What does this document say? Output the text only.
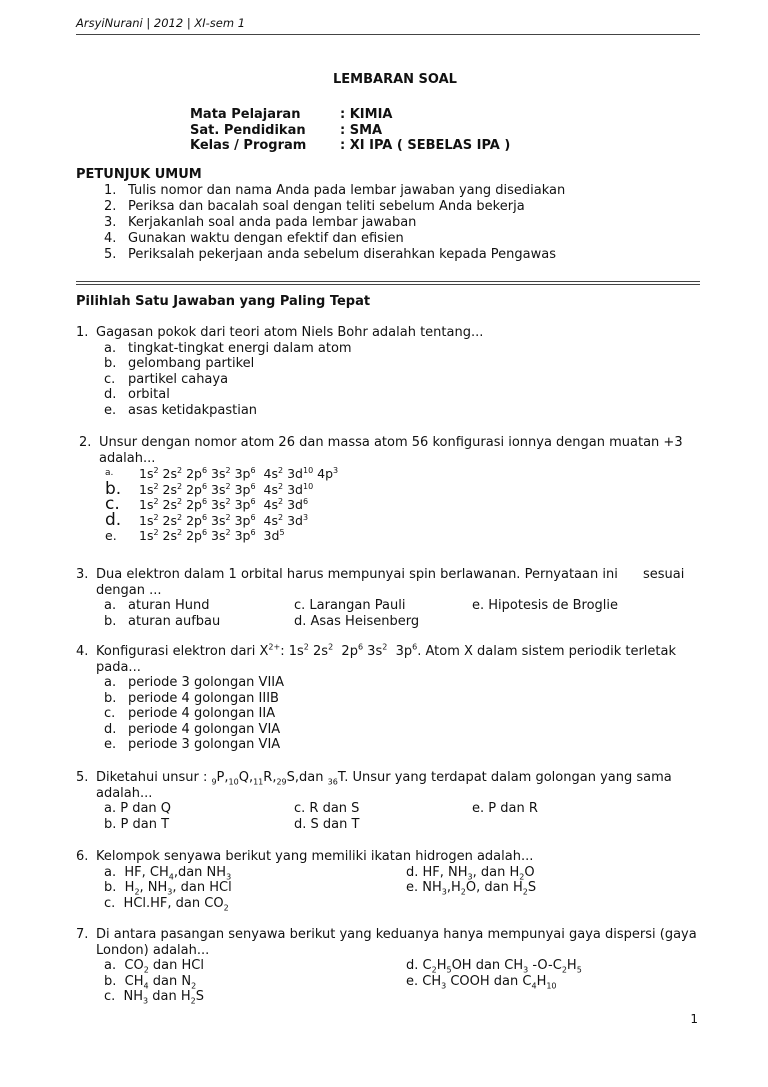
ArsyiNurani | 2012 | XI-sem 1
LEMBARAN SOAL
Mata Pelajaran	: KIMIA
Sat. Pendidikan	: SMA
Kelas / Program	: XI IPA ( SEBELAS IPA )
PETUNJUK UMUM
1. Tulis nomor dan nama Anda pada lembar jawaban yang disediakan
2. Periksa dan bacalah soal dengan teliti sebelum Anda bekerja
3. Kerjakanlah soal anda pada lembar jawaban
4. Gunakan waktu dengan efektif dan efisien
5. Periksalah pekerjaan anda sebelum diserahkan kepada Pengawas
Pilihlah Satu Jawaban yang Paling Tepat
1. Gagasan pokok dari teori atom Niels Bohr adalah tentang...
a. tingkat-tingkat energi dalam atom
b. gelombang partikel
c. partikel cahaya
d. orbital
e. asas ketidakpastian
2. Unsur dengan nomor atom 26 dan massa atom 56 konfigurasi ionnya dengan muatan +3
adalah...
a.	$1s^2$ $2s^2$ $2p^6$ $3s^2$ $3p^6$  $4s^2$ $3d^{10}$ $4p^3$
b.	$1s^2$ $2s^2$ $2p^6$ $3s^2$ $3p^6$  $4s^2$ $3d^{10}$
c.	$1s^2$ $2s^2$ $2p^6$ $3s^2$ $3p^6$  $4s^2$ $3d^6$
d.	$1s^2$ $2s^2$ $2p^6$ $3s^2$ $3p^6$  $4s^2$ $3d^3$
e.	$1s^2$ $2s^2$ $2p^6$ $3s^2$ $3p^6$ $3d^5$
3. Dua elektron dalam 1 orbital harus mempunyai spin berlawanan. Pernyataan ini	sesuai
dengan ...
a. aturan Hund	c. Larangan Pauli	e. Hipotesis de Broglie
b. aturan aufbau	d. Asas Heisenberg
4. Konfigurasi elektron dari $X^{2+}$: $1s^2$ $2s^2$  $2p^6$ $3s^2$  $3p^6$. Atom X dalam sistem periodik terletak
pada...
a. periode 3 golongan VIIA
b. periode 4 golongan IIIB
c. periode 4 golongan IIA
d. periode 4 golongan VIA
e. periode 3 golongan VIA
5. Diketahui unsur : $_9P,_{10}Q,_{11}R,_{29}S,dan$ $_{36}$T. Unsur yang terdapat dalam golongan yang sama
adalah...
a. P dan Q	c. R dan S	e. P dan R
b. P dan T	d. S dan T
6. Kelompok senyawa berikut yang memiliki ikatan hidrogen adalah...
a.  HF, $CH_4,dan$ $NH_3$	d. HF, $NH_3$, dan $H_2O$
b.  $H_2$, $NH_3$, dan HCl	e. $NH_3,H_2O$, dan $H_2S$
c.  HCl.HF, dan $CO_2$
7. Di antara pasangan senyawa berikut yang keduanya hanya mempunyai gaya dispersi (gaya
London) adalah...
a.  $CO_2$ dan HCl	d. $C_2H_5OH$ dan $CH_3$ $-O-C_2H_5$
b.  $CH_4$ dan $N_2$	e. $CH_3$ COOH dan $C_4H_{10}$
c.  $NH_3$ dan $H_2S$
1
